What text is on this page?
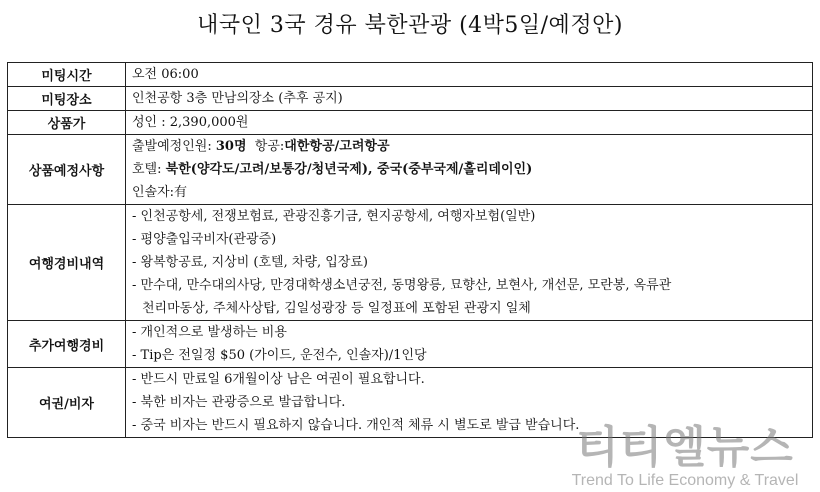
내국인 3국 경유 북한관광 (4박5일/예정안)
미팅시간	오전 06:00

미팅장소	인천공항 3층 만남의장소 (추후 공지)

상품가	성인 : 2,390,000원

상품예정사항	출발예정인원: 30명  항공:대한항공/고려항공
호텔: 북한(양각도/고려/보통강/청년국제), 중국(중부국제/홀리데이인)
인솔자:有

여행경비내역	- 인천공항세, 전쟁보험료, 관광진흥기금, 현지공항세, 여행자보험(일반)
- 평양출입국비자(관광증)
- 왕복항공료, 지상비 (호텔, 차량, 입장료)
- 만수대, 만수대의사당, 만경대학생소년궁전, 동명왕릉, 묘향산, 보현사, 개선문, 모란봉, 옥류관
천리마동상, 주체사상탑, 김일성광장 등 일정표에 포함된 관광지 일체

추가여행경비	- 개인적으로 발생하는 비용
- Tip은 전일정 $50 (가이드, 운전수, 인솔자)/1인당

여권/비자	- 반드시 만료일 6개월이상 남은 여권이 필요합니다.
- 북한 비자는 관광증으로 발급합니다.
- 중국 비자는 반드시 필요하지 않습니다. 개인적 체류 시 별도로 발급 받습니다.
티티엘뉴스
Trend To Life Economy & Travel
